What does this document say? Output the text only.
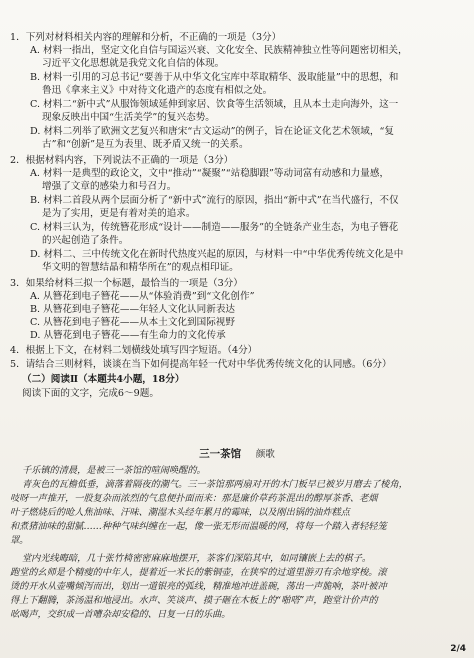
1．下列对材料相关内容的理解和分析，不正确的一项是（3分）
A. 材料一指出，坚定文化自信与国运兴衰、文化安全、民族精神独立性等问题密切相关，
习近平文化思想就是我党文化自信的体现。
B. 材料一引用的习总书记“要善于从中华文化宝库中萃取精华、汲取能量”中的思想，和
鲁迅《拿来主义》中对待文化遗产的态度有相似之处。
C. 材料二“新中式”从服饰领域延伸到家居、饮食等生活领域，且从本土走向海外，这一
现象反映出中国“生活美学”的复兴态势。
D. 材料二列举了欧洲文艺复兴和唐宋“古文运动”的例子，旨在论证文化艺术领域，“复
古”和“创新”是互为表里、既矛盾又统一的关系。
2．根据材料内容，下列说法不正确的一项是（3分）
A. 材料一是典型的政论文，文中“推动”“凝聚”“站稳脚跟”等动词富有动感和力量感，
增强了文章的感染力和号召力。
B. 材料二首段从两个层面分析了“新中式”流行的原因，指出“新中式”在当代盛行，不仅
是为了实用，更是有着对美的追求。
C. 材料三认为，传统簪花形成“设计——制造——服务”的全链条产业生态，为电子簪花
的兴起创造了条件。
D. 材料二、三中传统文化在新时代热度兴起的原因，与材料一中“中华优秀传统文化是中
华文明的智慧结晶和精华所在”的观点相印证。
3．如果给材料三拟一个标题，最恰当的一项是（3分）
A. 从簪花到电子簪花——从“体验消费”到“文化创作”
B. 从簪花到电子簪花——年轻人文化认同新表达
C. 从簪花到电子簪花——从本土文化到国际视野
D. 从簪花到电子簪花——有生命力的文化传承
4．根据上下文，在材料二划横线处填写四字短语。（4分）
5．请结合三则材料，谈谈在当下如何提高年轻一代对中华优秀传统文化的认同感。（6分）
（二）阅读Ⅱ（本题共4小题，18分）
阅读下面的文字，完成6～9题。
三一茶馆 颜歌
千乐镇的清晨，是被三一茶馆的喧闹唤醒的。
青灰色的瓦檐低垂，滴落着隔夜的潮气。三一茶馆那两扇对开的木门板早已被岁月磨去了棱角，
吱呀一声推开，一股复杂而浓烈的气息便扑面而来：那是廉价草药茶混出的醇厚茶香、老烟
叶子燃烧后的呛人焦油味、汗味、潮湿木头经年累月的霉味，以及刚出锅的油炸糕点
和煮猪油味的甜腻……种种气味纠缠在一起，像一张无形而温暖的网，将每一个踏入者轻轻笼
罩。
堂内光线晦暗，几十张竹椅密密麻麻地摆开，茶客们深陷其中，如同镶嵌上去的棋子。
跑堂的幺师是个精瘦的中年人，提着近一米长的紫铜壶，在狭窄的过道里游刃有余地穿梭。滚
烫的开水从壶嘴倾泻而出，划出一道银亮的弧线，精准地冲进盖碗，荡出一声脆响，茶叶被冲
得上下翻腾，茶汤温和地浸出。水声、笑谈声、摸子砸在木板上的“啪嗒”声，跑堂计价声的
吆喝声，交织成一首嘈杂却安稳的、日复一日的乐曲。
2/4
